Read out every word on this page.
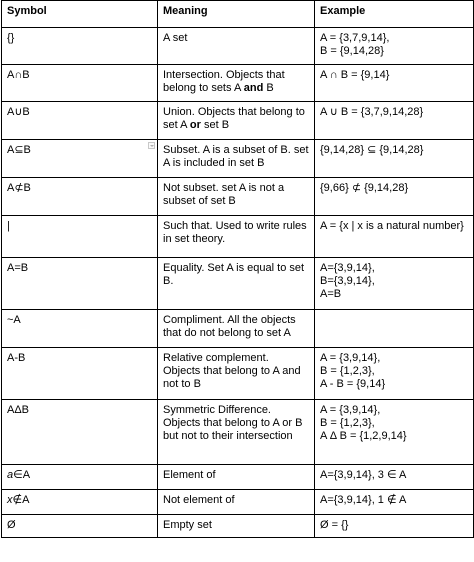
Symbol	Meaning	Example
{}	A set	A = {3,7,9,14},
B = {9,14,28}

A∩B	Intersection. Objects that belong to sets A and B	A ∩ B = {9,14}

A∪B	Union. Objects that belong to set A or set B	A ∪ B = {3,7,9,14,28}

A⊆B	Subset. A is a subset of B. set A is included in set B	{9,14,28} ⊆ {9,14,28}

A⊄B	Not subset. set A is not a subset of set B	{9,66} ⊄ {9,14,28}

|	Such that. Used to write rules in set theory.	A = {x | x is a natural number}

A=B	Equality. Set A is equal to set B.	A={3,9,14},
B={3,9,14},
A=B

~A	Compliment. All the objects that do not belong to set A	
A-B	Relative complement. Objects that belong to A and not to B	A = {3,9,14},
B = {1,2,3},
A - B = {9,14}

AΔB	Symmetric Difference. Objects that belong to A or B but not to their intersection	A = {3,9,14},
B = {1,2,3},
A Δ B = {1,2,9,14}

a∈A	Element of	A={3,9,14}, 3 ∈ A

x∉A	Not element of	A={3,9,14}, 1 ∉ A

Ø	Empty set	Ø = {}
